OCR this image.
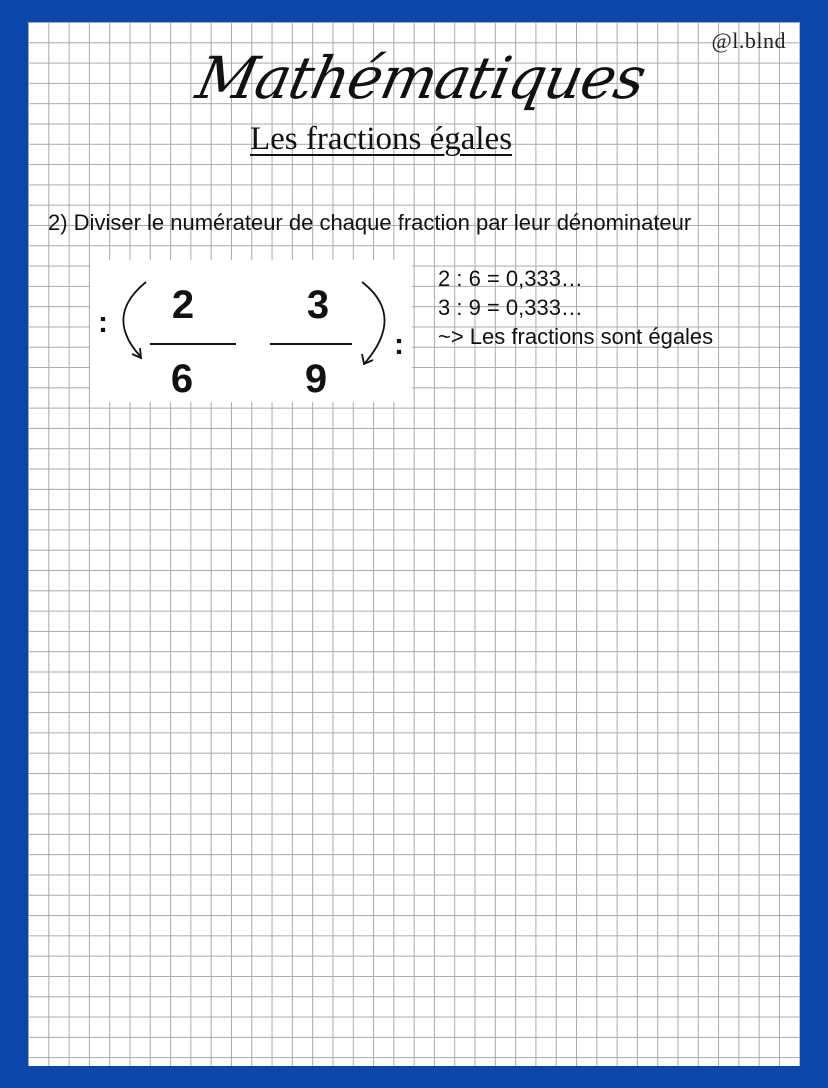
@l.blnd
Mathématiques
Les fractions égales
2) Diviser le numérateur de chaque fraction par leur dénominateur
: 2
6
3
9
:
2 : 6 = 0,333…
3 : 9 = 0,333…
~> Les fractions sont égales
